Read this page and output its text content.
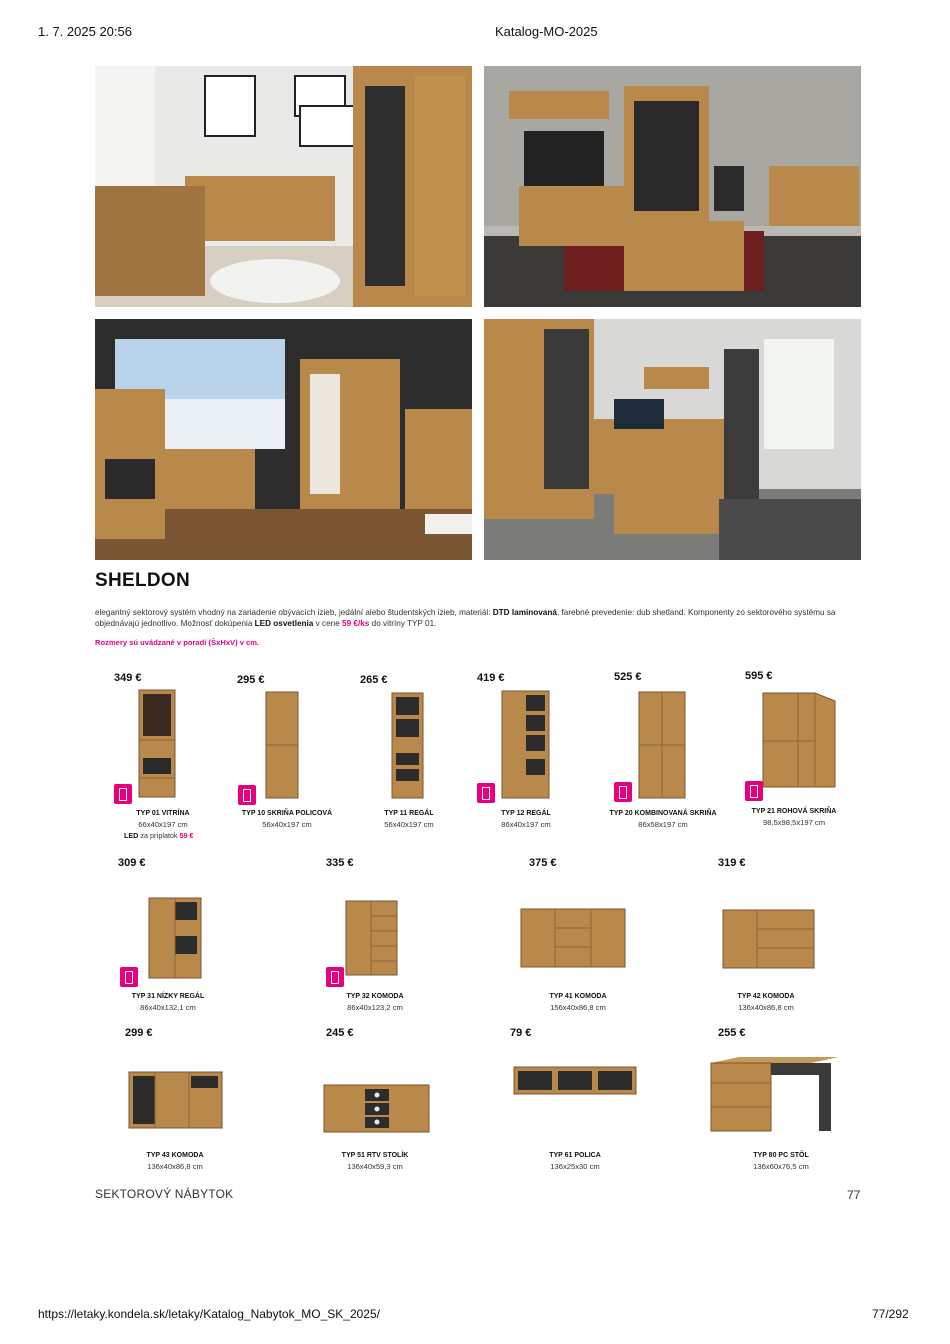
1. 7. 2025 20:56	Katalog-MO-2025
SHELDON
elegantný sektorový systém vhodný na zariadenie obývacích izieb, jedální alebo študentských izieb, materiál: DTD laminovaná, farebné prevedenie: dub shetland. Komponenty zo sektorového systému sa objednávajú jednotlivo. Možnosť dokúpenia LED osvetlenia v cene 59 €/ks do vitríny TYP 01.
Rozmery sú uvádzané v poradí (ŠxHxV) v cm.
349 €
TYP 01 VITRÍNA
66x40x197 cm
LED za príplatok 59 €
295 €
TYP 10 SKRIŇA POLICOVÁ
56x40x197 cm
265 €
TYP 11 REGÁL
56x40x197 cm
419 €
TYP 12 REGÁL
86x40x197 cm
525 €
TYP 20 KOMBINOVANÁ SKRIŇA
86x58x197 cm
595 €
TYP 21 ROHOVÁ SKRIŇA
98,5x98,5x197 cm
309 €
TYP 31 NÍZKY REGÁL
86x40x132,1 cm
335 €
TYP 32 KOMODA
86x40x123,2 cm
375 €
TYP 41 KOMODA
156x40x86,8 cm
319 €
TYP 42 KOMODA
136x40x86,8 cm
299 €
TYP 43 KOMODA
136x40x86,8 cm
245 €
TYP 51 RTV STOLÍK
136x40x59,3 cm
79 €
TYP 61 POLICA
136x25x30 cm
255 €
TYP 80 PC STÔL
136x60x76,5 cm
SEKTOROVÝ NÁBYTOK	77
https://letaky.kondela.sk/letaky/Katalog_Nabytok_MO_SK_2025/	77/292
